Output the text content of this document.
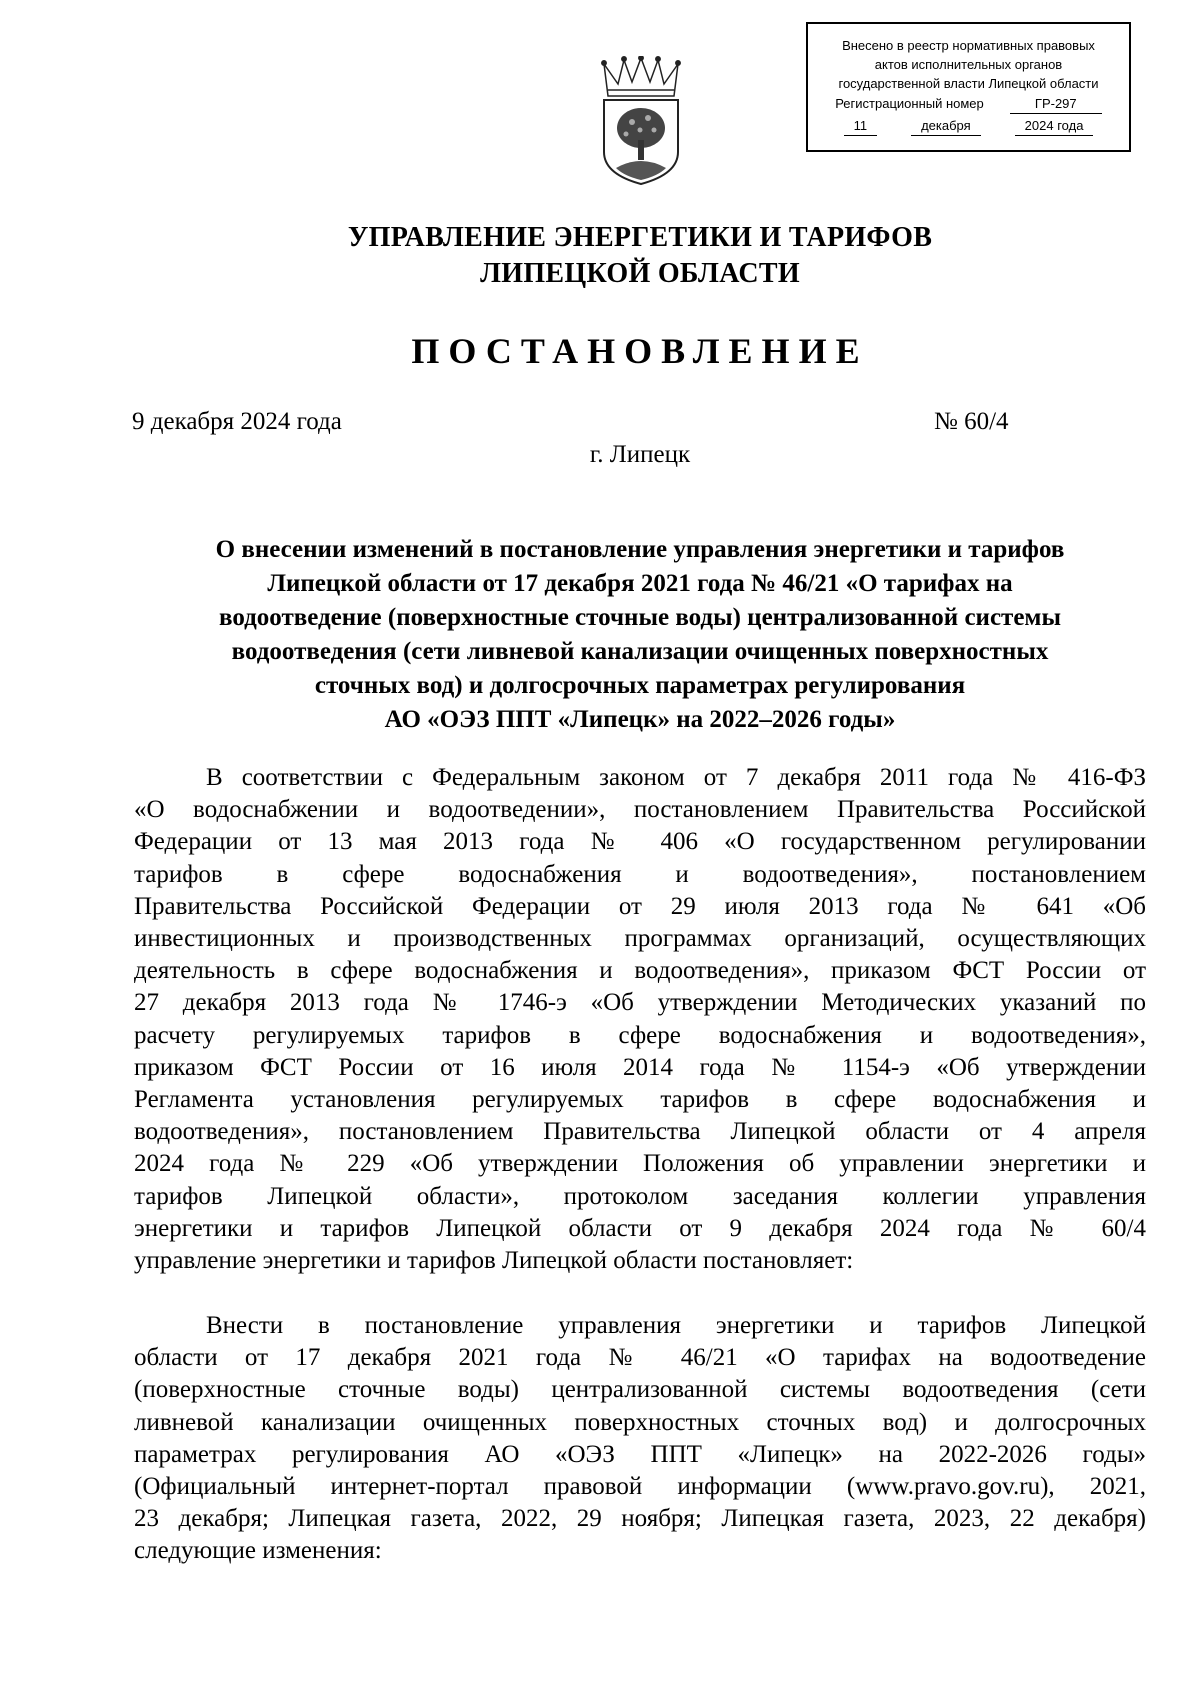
Внесено в реестр нормативных правовых
актов исполнительных органов
государственной власти Липецкой области
Регистрационный номер	ГР-297
11	декабря	2024 года
УПРАВЛЕНИЕ ЭНЕРГЕТИКИ И ТАРИФОВ
ЛИПЕЦКОЙ ОБЛАСТИ
ПОСТАНОВЛЕНИЕ
9 декабря 2024 года	№ 60/4
г. Липецк
О внесении изменений в постановление управления энергетики и тарифов
Липецкой области от 17 декабря 2021 года № 46/21 «О тарифах на
водоотведение (поверхностные сточные воды) централизованной системы
водоотведения (сети ливневой канализации очищенных поверхностных
сточных вод) и долгосрочных параметрах регулирования
АО «ОЭЗ ППТ «Липецк» на 2022–2026 годы»
В соответствии с Федеральным законом от 7 декабря 2011 года № 416-ФЗ
«О водоснабжении и водоотведении», постановлением Правительства Российской
Федерации от 13 мая 2013 года № 406 «О государственном регулировании
тарифов в сфере водоснабжения и водоотведения», постановлением
Правительства Российской Федерации от 29 июля 2013 года № 641 «Об
инвестиционных и производственных программах организаций, осуществляющих
деятельность в сфере водоснабжения и водоотведения», приказом ФСТ России от
27 декабря 2013 года № 1746-э «Об утверждении Методических указаний по
расчету регулируемых тарифов в сфере водоснабжения и водоотведения»,
приказом ФСТ России от 16 июля 2014 года № 1154-э «Об утверждении
Регламента установления регулируемых тарифов в сфере водоснабжения и
водоотведения», постановлением Правительства Липецкой области от 4 апреля
2024 года № 229 «Об утверждении Положения об управлении энергетики и
тарифов Липецкой области», протоколом заседания коллегии управления
энергетики и тарифов Липецкой области от 9 декабря 2024 года № 60/4
управление энергетики и тарифов Липецкой области постановляет:
Внести в постановление управления энергетики и тарифов Липецкой
области от 17 декабря 2021 года № 46/21 «О тарифах на водоотведение
(поверхностные сточные воды) централизованной системы водоотведения (сети
ливневой канализации очищенных поверхностных сточных вод) и долгосрочных
параметрах регулирования АО «ОЭЗ ППТ «Липецк» на 2022-2026 годы»
(Официальный интернет-портал правовой информации (www.pravo.gov.ru), 2021,
23 декабря; Липецкая газета, 2022, 29 ноября; Липецкая газета, 2023, 22 декабря)
следующие изменения:
